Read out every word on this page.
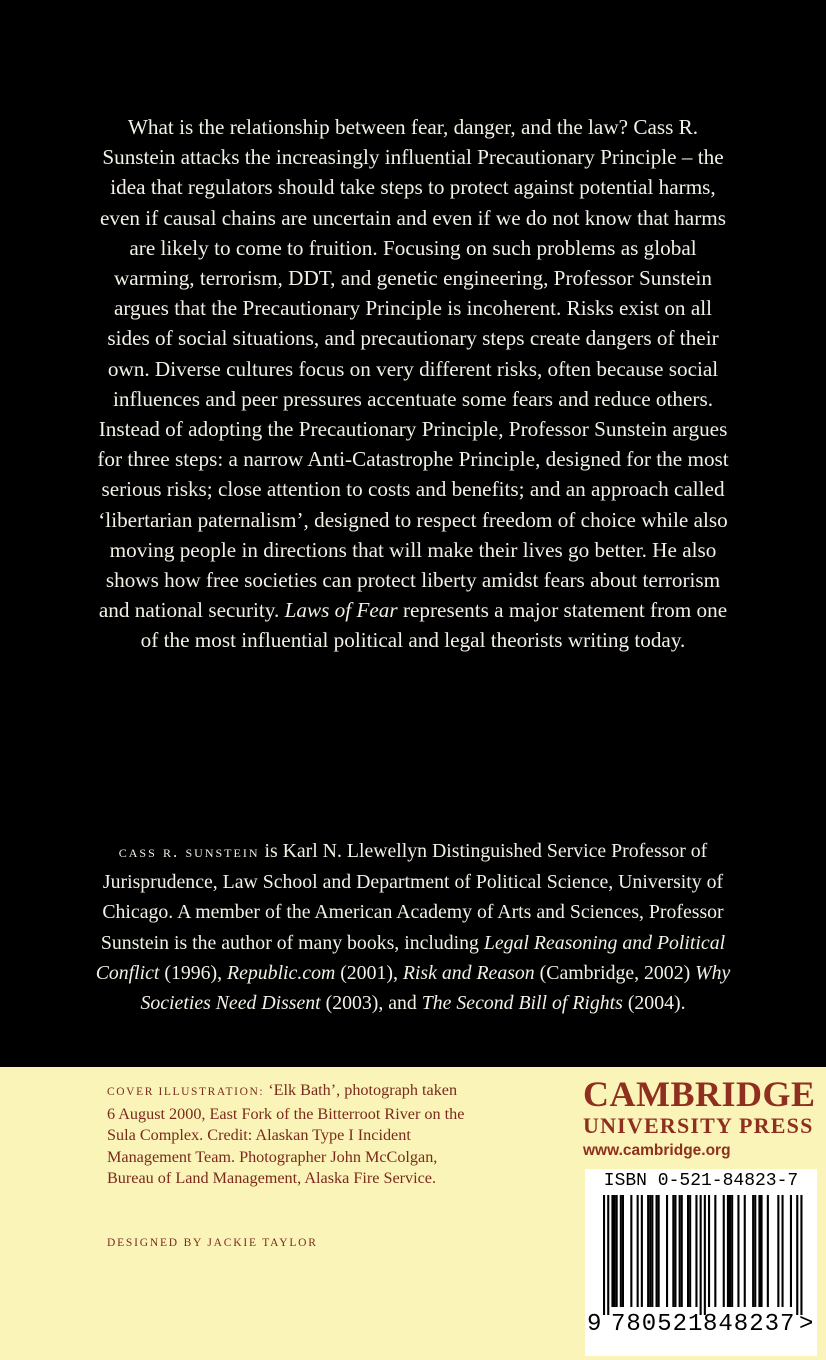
What is the relationship between fear, danger, and the law? Cass R. Sunstein attacks the increasingly influential Precautionary Principle – the idea that regulators should take steps to protect against potential harms, even if causal chains are uncertain and even if we do not know that harms are likely to come to fruition. Focusing on such problems as global warming, terrorism, DDT, and genetic engineering, Professor Sunstein argues that the Precautionary Principle is incoherent. Risks exist on all sides of social situations, and precautionary steps create dangers of their own. Diverse cultures focus on very different risks, often because social influences and peer pressures accentuate some fears and reduce others. Instead of adopting the Precautionary Principle, Professor Sunstein argues for three steps: a narrow Anti-Catastrophe Principle, designed for the most serious risks; close attention to costs and benefits; and an approach called ‘libertarian paternalism’, designed to respect freedom of choice while also moving people in directions that will make their lives go better. He also shows how free societies can protect liberty amidst fears about terrorism and national security. Laws of Fear represents a major statement from one of the most influential political and legal theorists writing today.
cass r. sunstein is Karl N. Llewellyn Distinguished Service Professor of Jurisprudence, Law School and Department of Political Science, University of Chicago. A member of the American Academy of Arts and Sciences, Professor Sunstein is the author of many books, including Legal Reasoning and Political Conflict (1996), Republic.com (2001), Risk and Reason (Cambridge, 2002) Why Societies Need Dissent (2003), and The Second Bill of Rights (2004).
COVER ILLUSTRATION: ‘Elk Bath’, photograph taken 6 August 2000, East Fork of the Bitterroot River on the Sula Complex. Credit: Alaskan Type I Incident Management Team. Photographer John McColgan, Bureau of Land Management, Alaska Fire Service.
DESIGNED BY JACKIE TAYLOR
CAMBRIDGE
UNIVERSITY PRESS
www.cambridge.org
ISBN 0-521-84823-7
9 780521 848237 >
